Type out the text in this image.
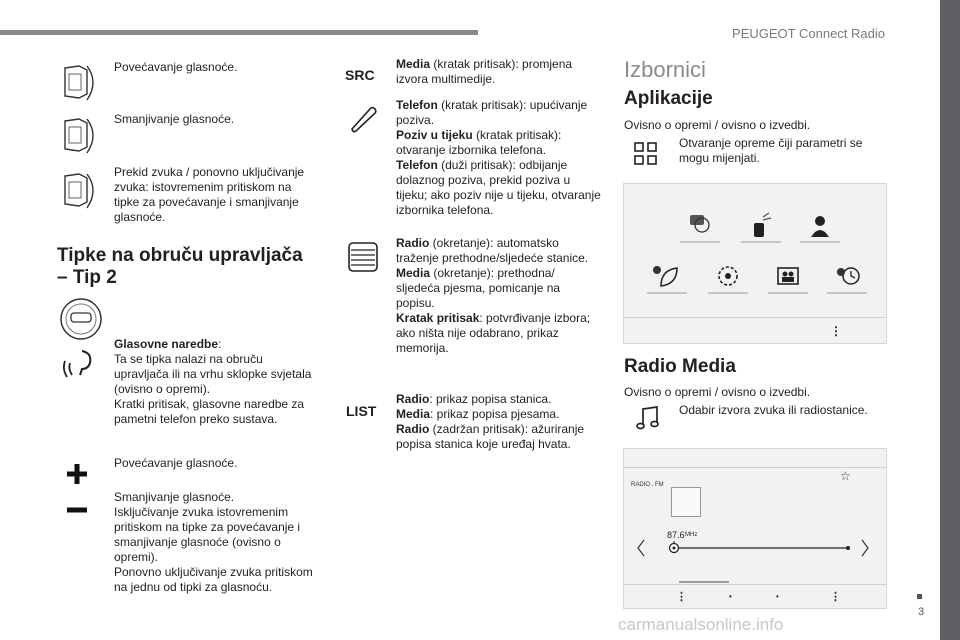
PEUGEOT Connect Radio
3
Povećavanje glasnoće.
Smanjivanje glasnoće.
Prekid zvuka / ponovno uključivanje zvuka: istovremenim pritiskom na tipke za povećavanje i smanjivanje glasnoće.
Tipke na obruču upravljača – Tip 2
Glasovne naredbe:
Ta se tipka nalazi na obruču upravljača ili na vrhu sklopke svjetala (ovisno o opremi).
Kratki pritisak, glasovne naredbe za pametni telefon preko sustava.
Povećavanje glasnoće.
Smanjivanje glasnoće.
Isključivanje zvuka istovremenim pritiskom na tipke za povećavanje i smanjivanje glasnoće (ovisno o opremi).
Ponovno uključivanje zvuka pritiskom na jednu od tipki za glasnoću.
SRC
Media (kratak pritisak): promjena izvora multimedije.
Telefon (kratak pritisak): upućivanje poziva.
Poziv u tijeku (kratak pritisak): otvaranje izbornika telefona.
Telefon (duži pritisak): odbijanje dolaznog poziva, prekid poziva u tijeku; ako poziv nije u tijeku, otvaranje izbornika telefona.
Radio (okretanje): automatsko traženje prethodne/sljedeće stanice.
Media (okretanje): prethodna/ sljedeća pjesma, pomicanje na popisu.
Kratak pritisak: potvrđivanje izbora; ako ništa nije odabrano, prikaz memorija.
LIST
Radio: prikaz popisa stanica.
Media: prikaz popisa pjesama.
Radio (zadržan pritisak): ažuriranje popisa stanica koje uređaj hvata.
Izbornici
Aplikacije
Ovisno o opremi / ovisno o izvedbi.
Otvaranje opreme čiji parametri se mogu mijenjati.
⋮
Radio Media
Ovisno o opremi / ovisno o izvedbi.
Odabir izvora zvuka ili radiostanice.
☆
RADIO . FM
87.6 MHz
⋮	•	•	⋮
carmanualsonline.info
